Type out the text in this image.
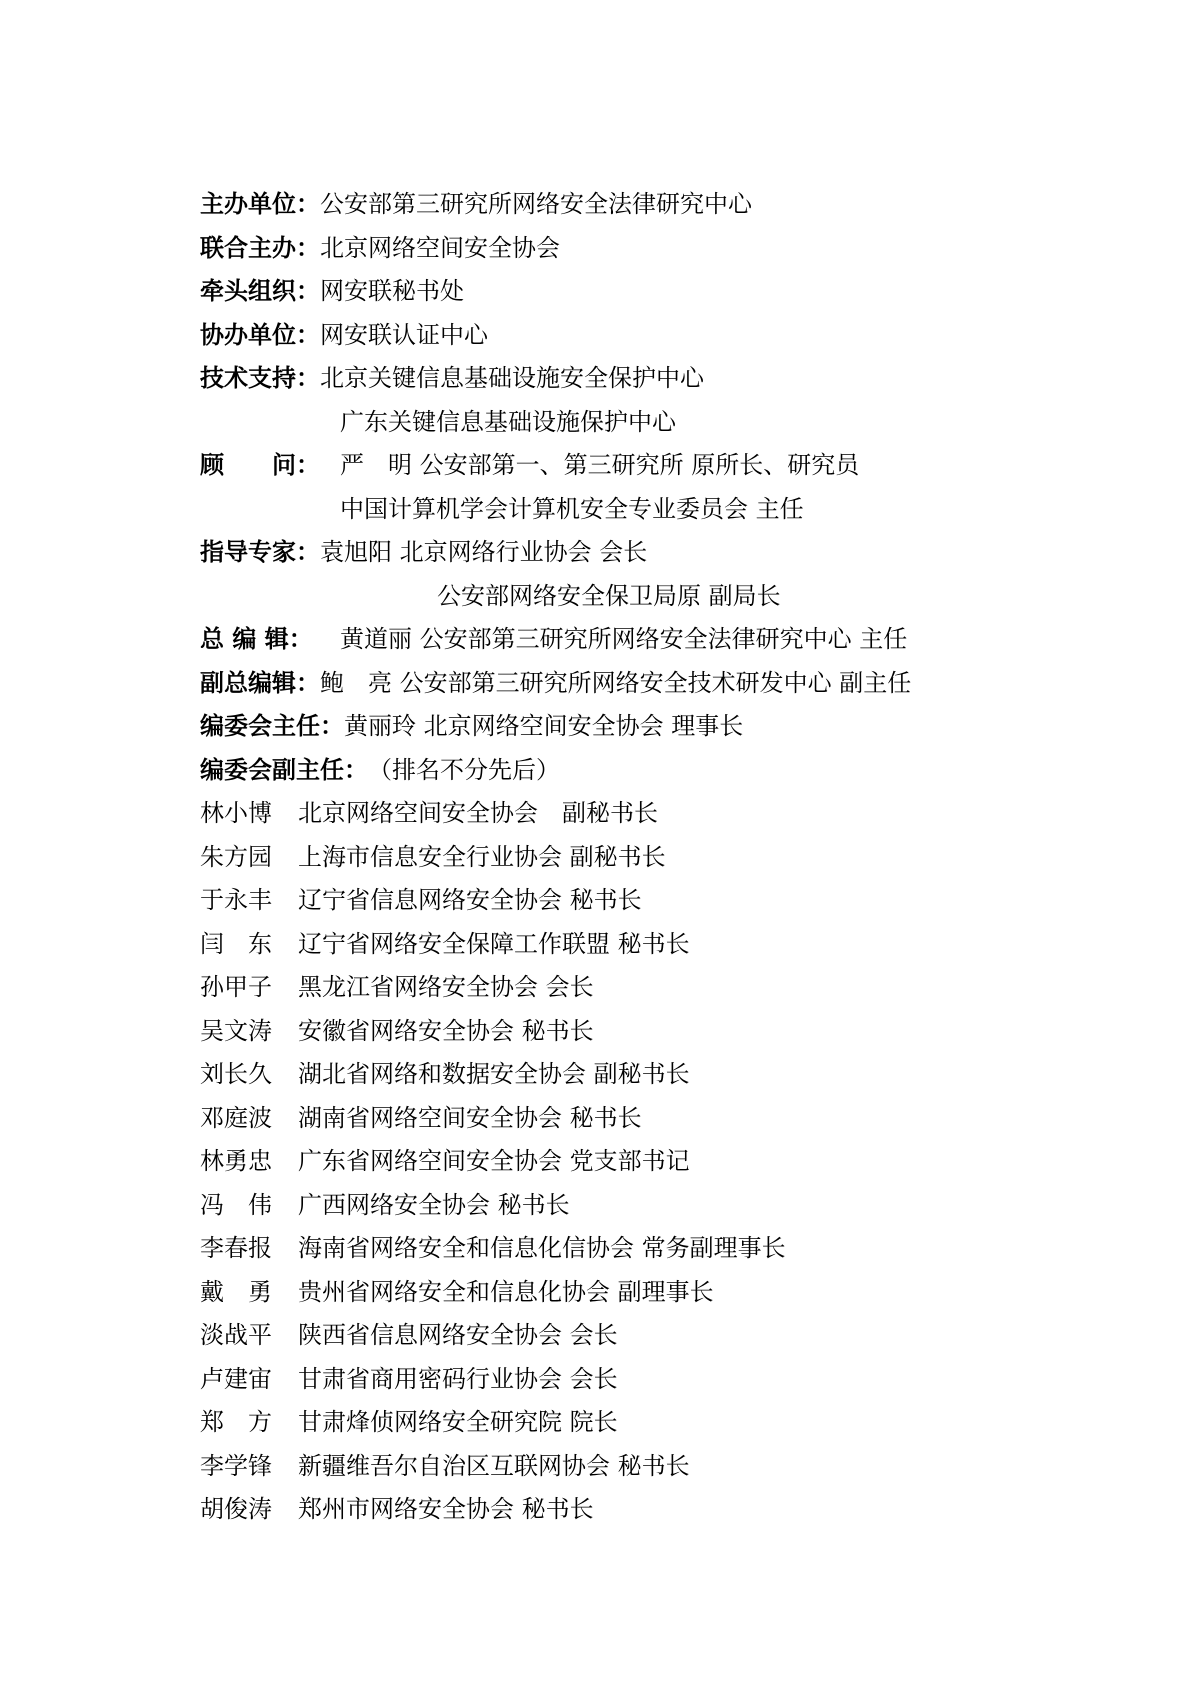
主办单位：公安部第三研究所网络安全法律研究中心
联合主办：北京网络空间安全协会
牵头组织：网安联秘书处
协办单位：网安联认证中心
技术支持：北京关键信息基础设施安全保护中心
广东关键信息基础设施保护中心
顾　　问： 严　明 公安部第一、第三研究所 原所长、研究员
中国计算机学会计算机安全专业委员会 主任
指导专家：袁旭阳 北京网络行业协会 会长
公安部网络安全保卫局原 副局长
总 编 辑： 黄道丽 公安部第三研究所网络安全法律研究中心 主任
副总编辑：鲍　亮 公安部第三研究所网络安全技术研发中心 副主任
编委会主任：黄丽玲 北京网络空间安全协会 理事长
编委会副主任：（排名不分先后）
林小博 北京网络空间安全协会　副秘书长
朱方园 上海市信息安全行业协会 副秘书长
于永丰 辽宁省信息网络安全协会 秘书长
闫　东 辽宁省网络安全保障工作联盟 秘书长
孙甲子 黑龙江省网络安全协会 会长
吴文涛 安徽省网络安全协会 秘书长
刘长久 湖北省网络和数据安全协会 副秘书长
邓庭波 湖南省网络空间安全协会 秘书长
林勇忠 广东省网络空间安全协会 党支部书记
冯　伟 广西网络安全协会 秘书长
李春报 海南省网络安全和信息化信协会 常务副理事长
戴　勇 贵州省网络安全和信息化协会 副理事长
淡战平 陕西省信息网络安全协会 会长
卢建宙 甘肃省商用密码行业协会 会长
郑　方 甘肃烽侦网络安全研究院 院长
李学锋 新疆维吾尔自治区互联网协会 秘书长
胡俊涛 郑州市网络安全协会 秘书长
